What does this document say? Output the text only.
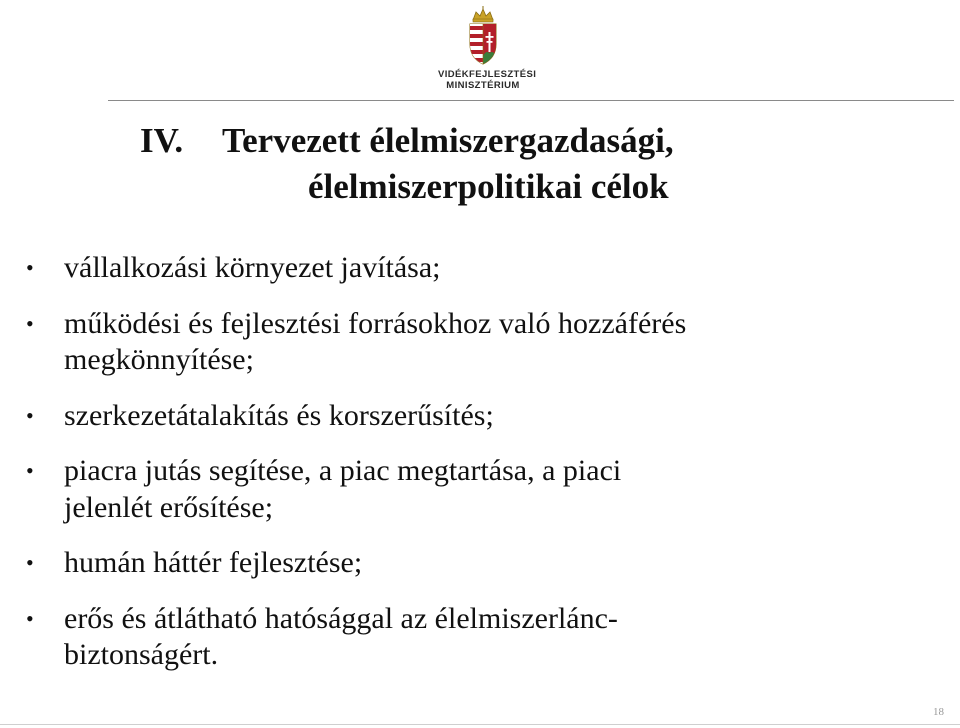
VIDÉKFEJLESZTÉSI
MINISZTÉRIUM
IV. Tervezett élelmiszergazdasági,
élelmiszerpolitikai célok
• vállalkozási környezet javítása;
• működési és fejlesztési forrásokhoz való hozzáférés
megkönnyítése;
• szerkezetátalakítás és korszerűsítés;
• piacra jutás segítése, a piac megtartása, a piaci
jelenlét erősítése;
• humán háttér fejlesztése;
• erős és átlátható hatósággal az élelmiszerlánc-
biztonságért.
18
